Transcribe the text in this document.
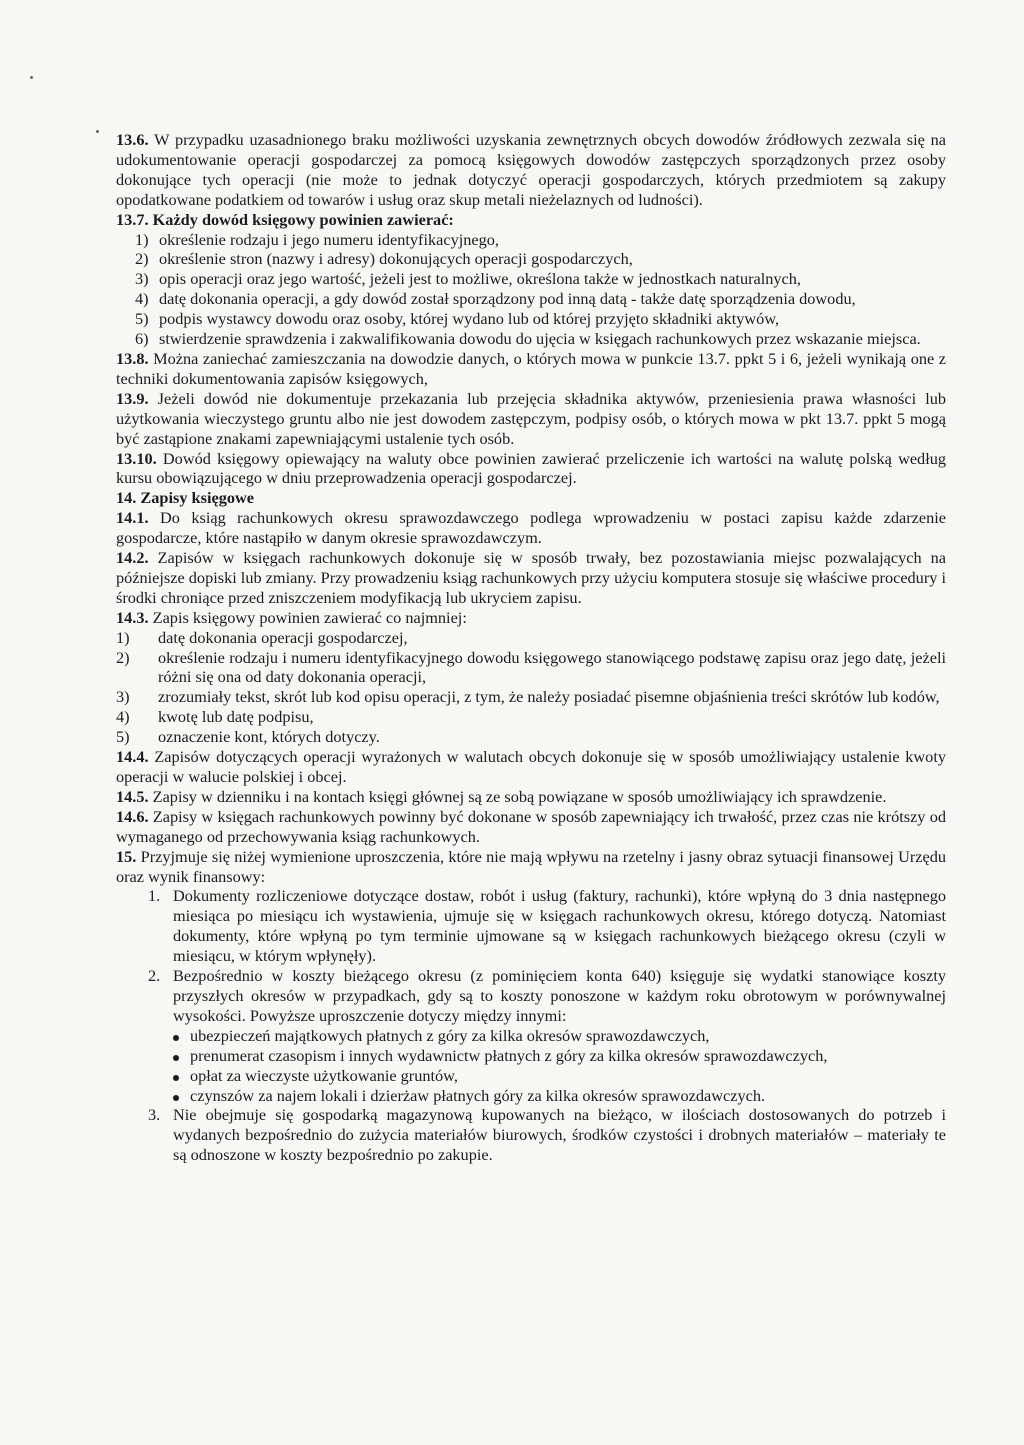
13.6. W przypadku uzasadnionego braku możliwości uzyskania zewnętrznych obcych dowodów źródłowych zezwala się na udokumentowanie operacji gospodarczej za pomocą księgowych dowodów zastępczych sporządzonych przez osoby dokonujące tych operacji (nie może to jednak dotyczyć operacji gospodarczych, których przedmiotem są zakupy opodatkowane podatkiem od towarów i usług oraz skup metali nieżelaznych od ludności).

13.7. Każdy dowód księgowy powinien zawierać:

1) określenie rodzaju i jego numeru identyfikacyjnego,
2) określenie stron (nazwy i adresy) dokonujących operacji gospodarczych,
3) opis operacji oraz jego wartość, jeżeli jest to możliwe, określona także w jednostkach naturalnych,
4) datę dokonania operacji, a gdy dowód został sporządzony pod inną datą - także datę sporządzenia dowodu,
5) podpis wystawcy dowodu oraz osoby, której wydano lub od której przyjęto składniki aktywów,
6) stwierdzenie sprawdzenia i zakwalifikowania dowodu do ujęcia w księgach rachunkowych przez wskazanie miejsca.

13.8. Można zaniechać zamieszczania na dowodzie danych, o których mowa w punkcie 13.7. ppkt 5 i 6, jeżeli wynikają one z techniki dokumentowania zapisów księgowych,

13.9. Jeżeli dowód nie dokumentuje przekazania lub przejęcia składnika aktywów, przeniesienia prawa własności lub użytkowania wieczystego gruntu albo nie jest dowodem zastępczym, podpisy osób, o których mowa w pkt 13.7. ppkt 5 mogą być zastąpione znakami zapewniającymi ustalenie tych osób.

13.10. Dowód księgowy opiewający na waluty obce powinien zawierać przeliczenie ich wartości na walutę polską według kursu obowiązującego w dniu przeprowadzenia operacji gospodarczej.

14. Zapisy księgowe

14.1. Do ksiąg rachunkowych okresu sprawozdawczego podlega wprowadzeniu w postaci zapisu każde zdarzenie gospodarcze, które nastąpiło w danym okresie sprawozdawczym.

14.2. Zapisów w księgach rachunkowych dokonuje się w sposób trwały, bez pozostawiania miejsc pozwalających na późniejsze dopiski lub zmiany. Przy prowadzeniu ksiąg rachunkowych przy użyciu komputera stosuje się właściwe procedury i środki chroniące przed zniszczeniem modyfikacją lub ukryciem zapisu.

14.3. Zapis księgowy powinien zawierać co najmniej:

1)	datę dokonania operacji gospodarczej,
2)	określenie rodzaju i numeru identyfikacyjnego dowodu księgowego stanowiącego podstawę zapisu oraz jego datę, jeżeli różni się ona od daty dokonania operacji,
3)	zrozumiały tekst, skrót lub kod opisu operacji, z tym, że należy posiadać pisemne objaśnienia treści skrótów lub kodów,
4)	kwotę lub datę podpisu,
5)	oznaczenie kont, których dotyczy.

14.4. Zapisów dotyczących operacji wyrażonych w walutach obcych dokonuje się w sposób umożliwiający ustalenie kwoty operacji w walucie polskiej i obcej.

14.5. Zapisy w dzienniku i na kontach księgi głównej są ze sobą powiązane w sposób umożliwiający ich sprawdzenie.

14.6. Zapisy w księgach rachunkowych powinny być dokonane w sposób zapewniający ich trwałość, przez czas nie krótszy od wymaganego od przechowywania ksiąg rachunkowych.

15. Przyjmuje się niżej wymienione uproszczenia, które nie mają wpływu na rzetelny i jasny obraz sytuacji finansowej Urzędu oraz wynik finansowy:

1. Dokumenty rozliczeniowe dotyczące dostaw, robót i usług (faktury, rachunki), które wpłyną do 3 dnia następnego miesiąca po miesiącu ich wystawienia, ujmuje się w księgach rachunkowych okresu, którego dotyczą. Natomiast dokumenty, które wpłyną po tym terminie ujmowane są w księgach rachunkowych bieżącego okresu (czyli w miesiącu, w którym wpłynęły).
2. Bezpośrednio w koszty bieżącego okresu (z pominięciem konta 640) księguje się wydatki stanowiące koszty przyszłych okresów w przypadkach, gdy są to koszty ponoszone w każdym roku obrotowym w porównywalnej wysokości. Powyższe uproszczenie dotyczy między innymi:
ubezpieczeń majątkowych płatnych z góry za kilka okresów sprawozdawczych,
prenumerat czasopism i innych wydawnictw płatnych z góry za kilka okresów sprawozdawczych,
opłat za wieczyste użytkowanie gruntów,
czynszów za najem lokali i dzierżaw płatnych góry za kilka okresów sprawozdawczych.
3. Nie obejmuje się gospodarką magazynową kupowanych na bieżąco, w ilościach dostosowanych do potrzeb i wydanych bezpośrednio do zużycia materiałów biurowych, środków czystości i drobnych materiałów – materiały te są odnoszone w koszty bezpośrednio po zakupie.
